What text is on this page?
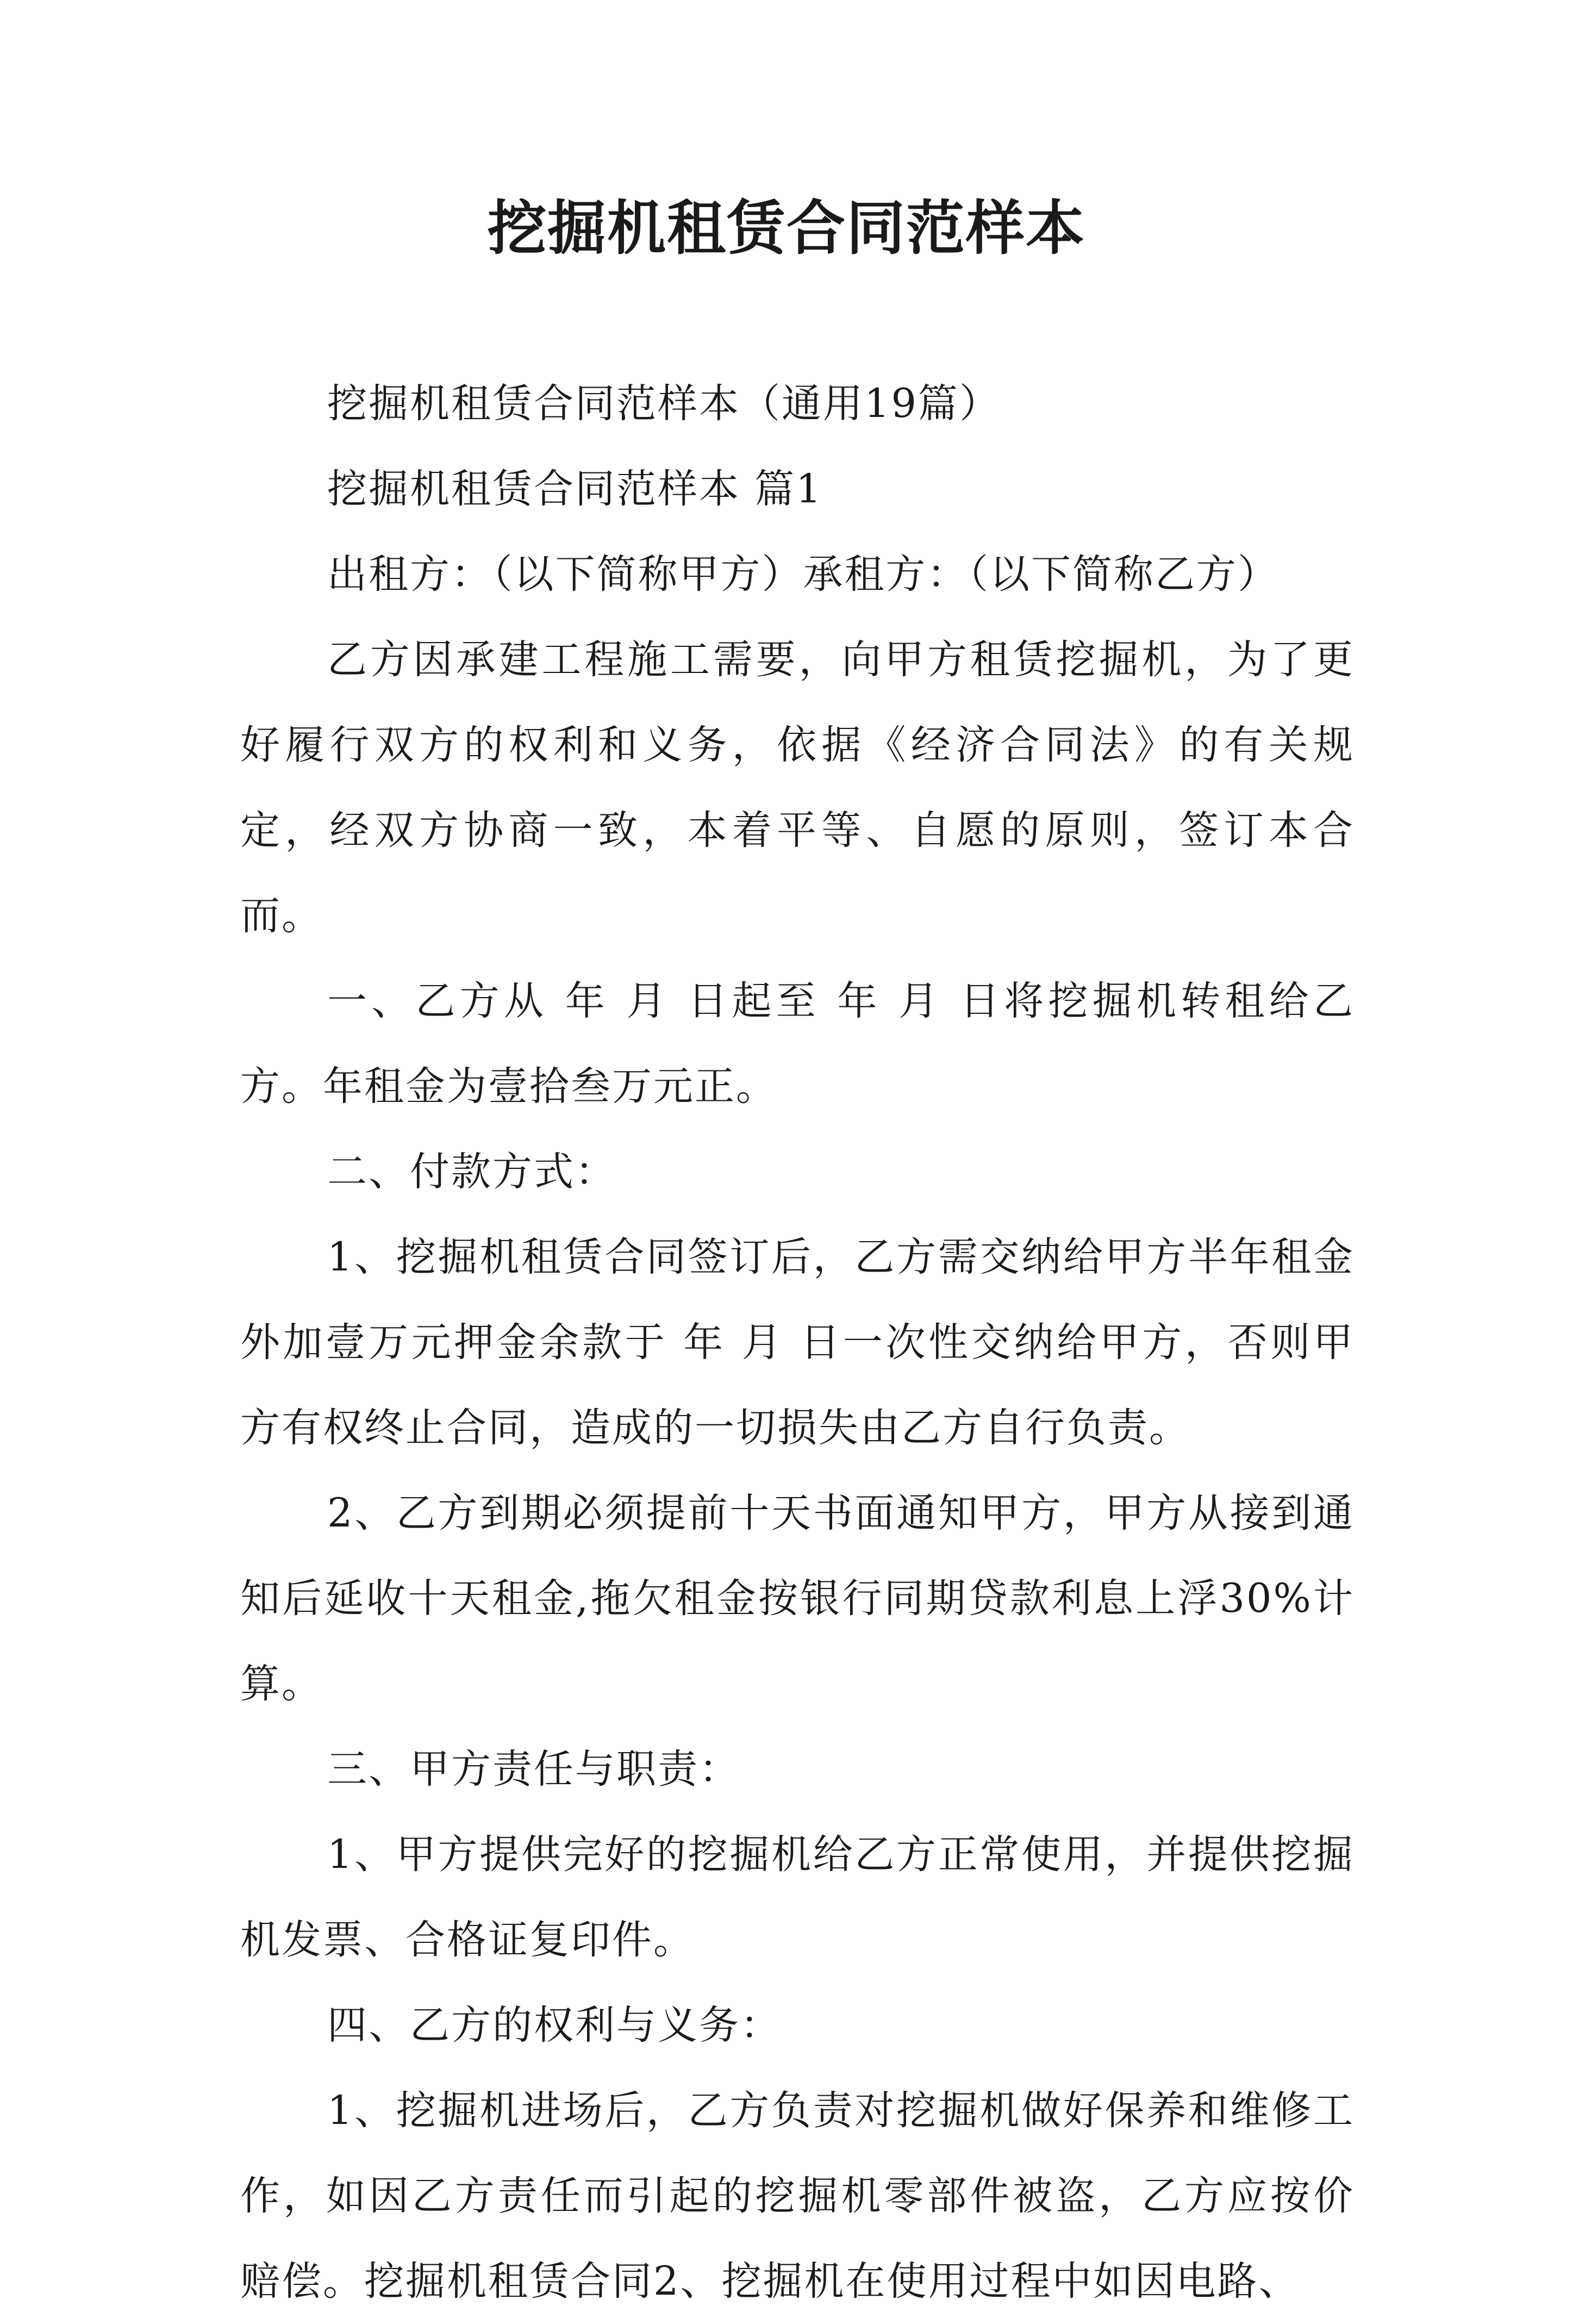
挖掘机租赁合同范样本

挖掘机租赁合同范样本（通用19篇）

挖掘机租赁合同范样本 篇1

出租方：（以下简称甲方）承租方：（以下简称乙方）

乙方因承建工程施工需要，向甲方租赁挖掘机，为了更好履行双方的权利和义务，依据《经济合同法》的有关规定，经双方协商一致，本着平等、自愿的原则，签订本合而。

一、乙方从 年 月 日起至 年 月 日将挖掘机转租给乙方。年租金为壹拾叁万元正。

二、付款方式：

1、挖掘机租赁合同签订后，乙方需交纳给甲方半年租金外加壹万元押金余款于 年 月 日一次性交纳给甲方，否则甲方有权终止合同，造成的一切损失由乙方自行负责。

2、乙方到期必须提前十天书面通知甲方，甲方从接到通知后延收十天租金,拖欠租金按银行同期贷款利息上浮30%计算。

三、甲方责任与职责：

1、甲方提供完好的挖掘机给乙方正常使用，并提供挖掘机发票、合格证复印件。

四、乙方的权利与义务：

1、挖掘机进场后，乙方负责对挖掘机做好保养和维修工作，如因乙方责任而引起的挖掘机零部件被盗，乙方应按价赔偿。挖掘机租赁合同2、挖掘机在使用过程中如因电路、
